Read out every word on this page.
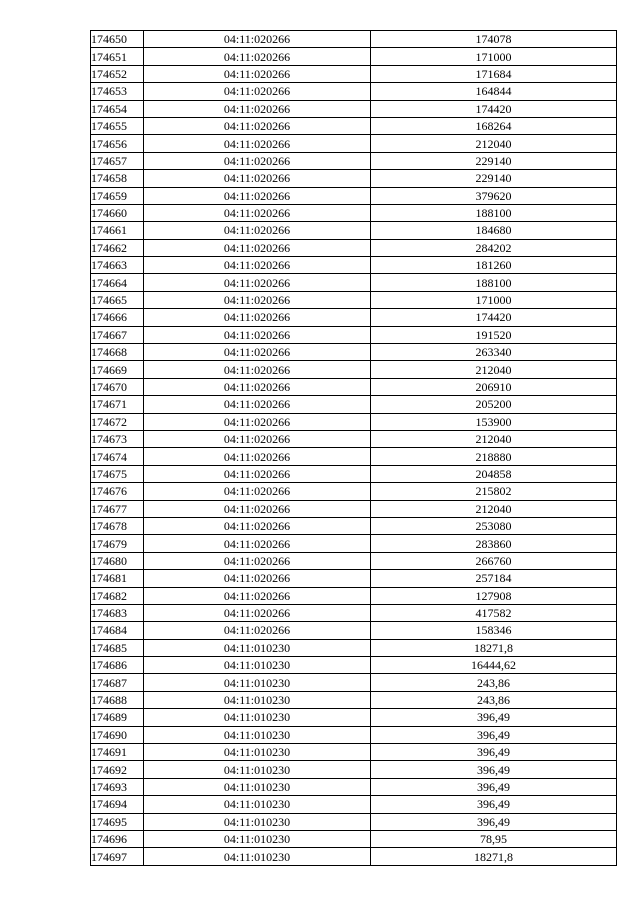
174650	04:11:020266	174078
174651	04:11:020266	171000
174652	04:11:020266	171684
174653	04:11:020266	164844
174654	04:11:020266	174420
174655	04:11:020266	168264
174656	04:11:020266	212040
174657	04:11:020266	229140
174658	04:11:020266	229140
174659	04:11:020266	379620
174660	04:11:020266	188100
174661	04:11:020266	184680
174662	04:11:020266	284202
174663	04:11:020266	181260
174664	04:11:020266	188100
174665	04:11:020266	171000
174666	04:11:020266	174420
174667	04:11:020266	191520
174668	04:11:020266	263340
174669	04:11:020266	212040
174670	04:11:020266	206910
174671	04:11:020266	205200
174672	04:11:020266	153900
174673	04:11:020266	212040
174674	04:11:020266	218880
174675	04:11:020266	204858
174676	04:11:020266	215802
174677	04:11:020266	212040
174678	04:11:020266	253080
174679	04:11:020266	283860
174680	04:11:020266	266760
174681	04:11:020266	257184
174682	04:11:020266	127908
174683	04:11:020266	417582
174684	04:11:020266	158346
174685	04:11:010230	18271,8
174686	04:11:010230	16444,62
174687	04:11:010230	243,86
174688	04:11:010230	243,86
174689	04:11:010230	396,49
174690	04:11:010230	396,49
174691	04:11:010230	396,49
174692	04:11:010230	396,49
174693	04:11:010230	396,49
174694	04:11:010230	396,49
174695	04:11:010230	396,49
174696	04:11:010230	78,95
174697	04:11:010230	18271,8
